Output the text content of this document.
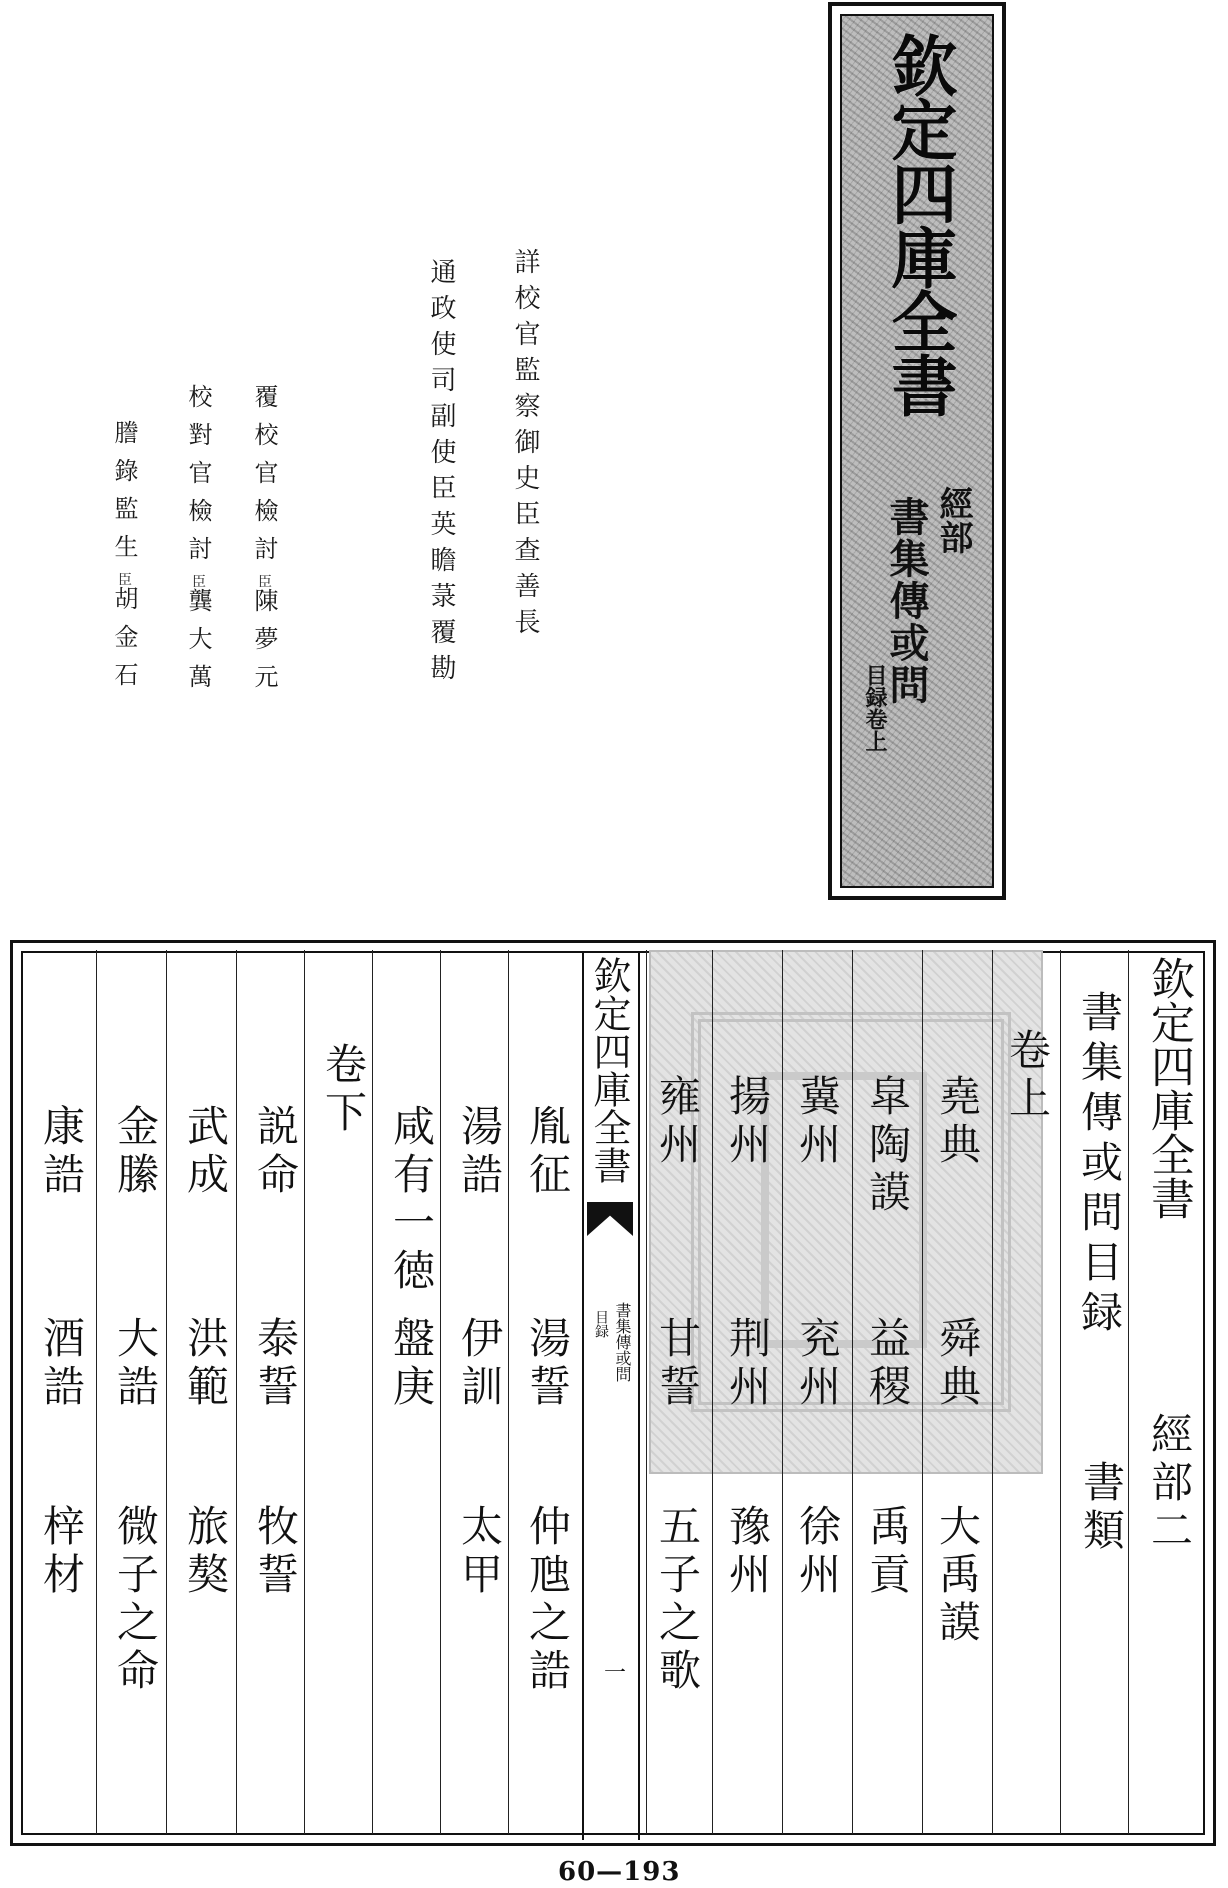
欽定四庫全書
經部
書集傳或問
目録卷上
詳校官監察御史臣查善長
通政使司副使臣英瞻菉覆勘
覆校官檢討臣陳夢元
校對官檢討臣龔大萬
謄錄監生臣胡金石
欽定四庫全書
書集傳或問
目録
一
欽定四庫全書
經部二
書集傳或問目録
書類
卷上
堯典
舜典
大禹謨
皐陶謨
益稷
禹貢
冀州
兖州
徐州
揚州
荆州
豫州
雍州
甘誓
五子之歌
胤征
湯誓
仲虺之誥
湯誥
伊訓
太甲
咸有一徳
盤庚
卷下
説命
泰誓
牧誓
武成
洪範
旅獒
金縢
大誥
微子之命
康誥
酒誥
梓材
60—193
